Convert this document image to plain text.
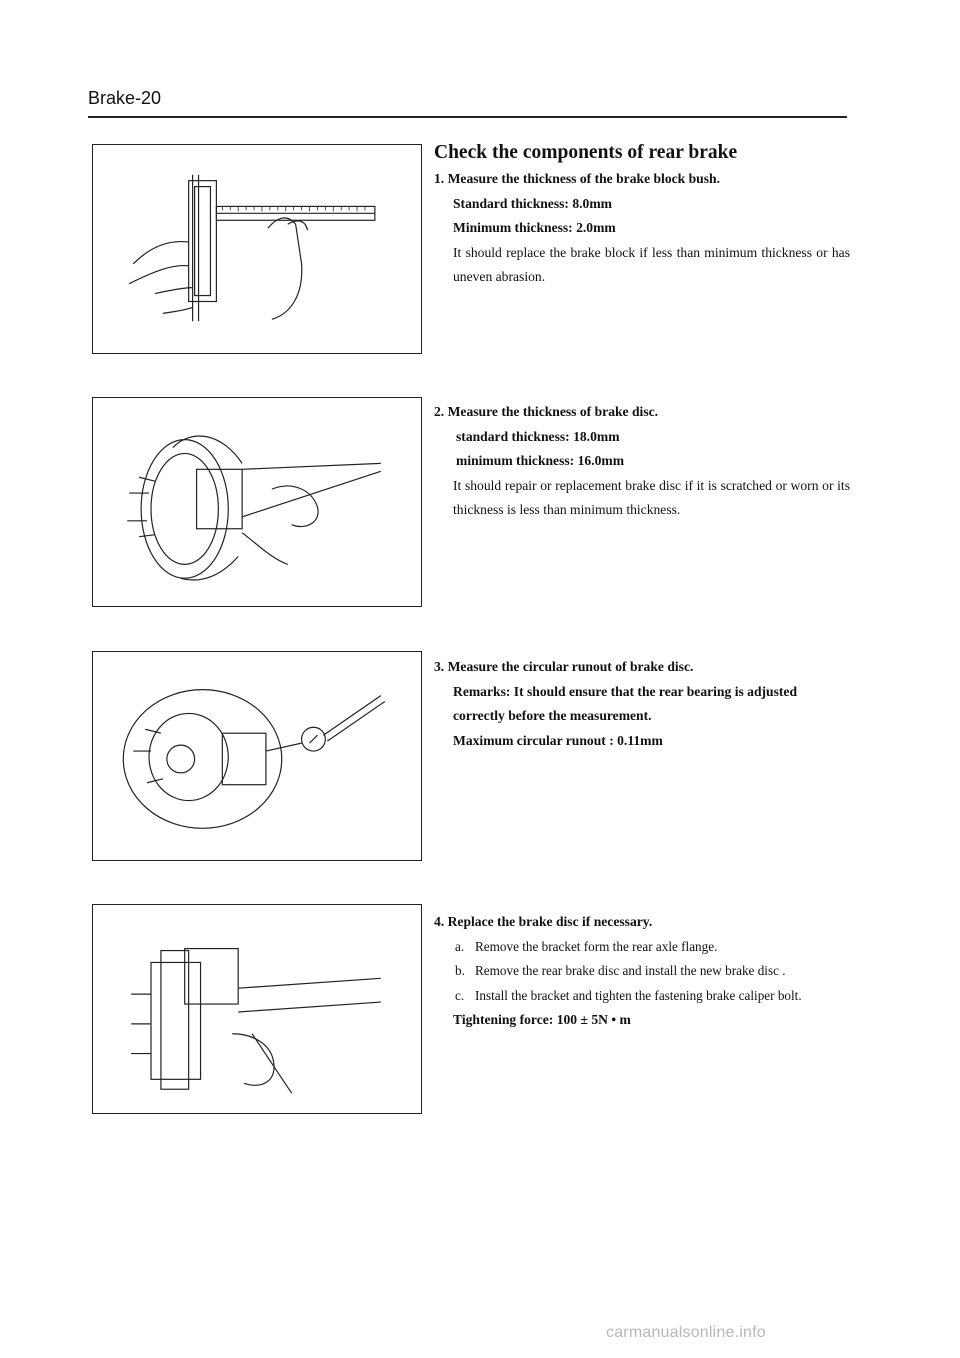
Brake-20
Check the components of rear brake
1. Measure the thickness of the brake block bush.
Standard thickness: 8.0mm
Minimum thickness: 2.0mm
It should replace the brake block if less than minimum thickness or has uneven abrasion.
2. Measure the thickness of brake disc.
standard thickness: 18.0mm
minimum thickness: 16.0mm
It should repair or replacement brake disc if it is scratched or worn or its thickness is less than minimum thickness.
3. Measure the circular runout of brake disc.
Remarks: It should ensure that the rear bearing is adjusted correctly before the measurement.
Maximum circular runout : 0.11mm
4. Replace the brake disc if necessary.
a. Remove the bracket form the rear axle flange.
b. Remove the rear brake disc and install the new brake disc .
c. Install the bracket and tighten the fastening brake caliper bolt.
Tightening force: 100 ± 5N • m
carmanualsonline.info
